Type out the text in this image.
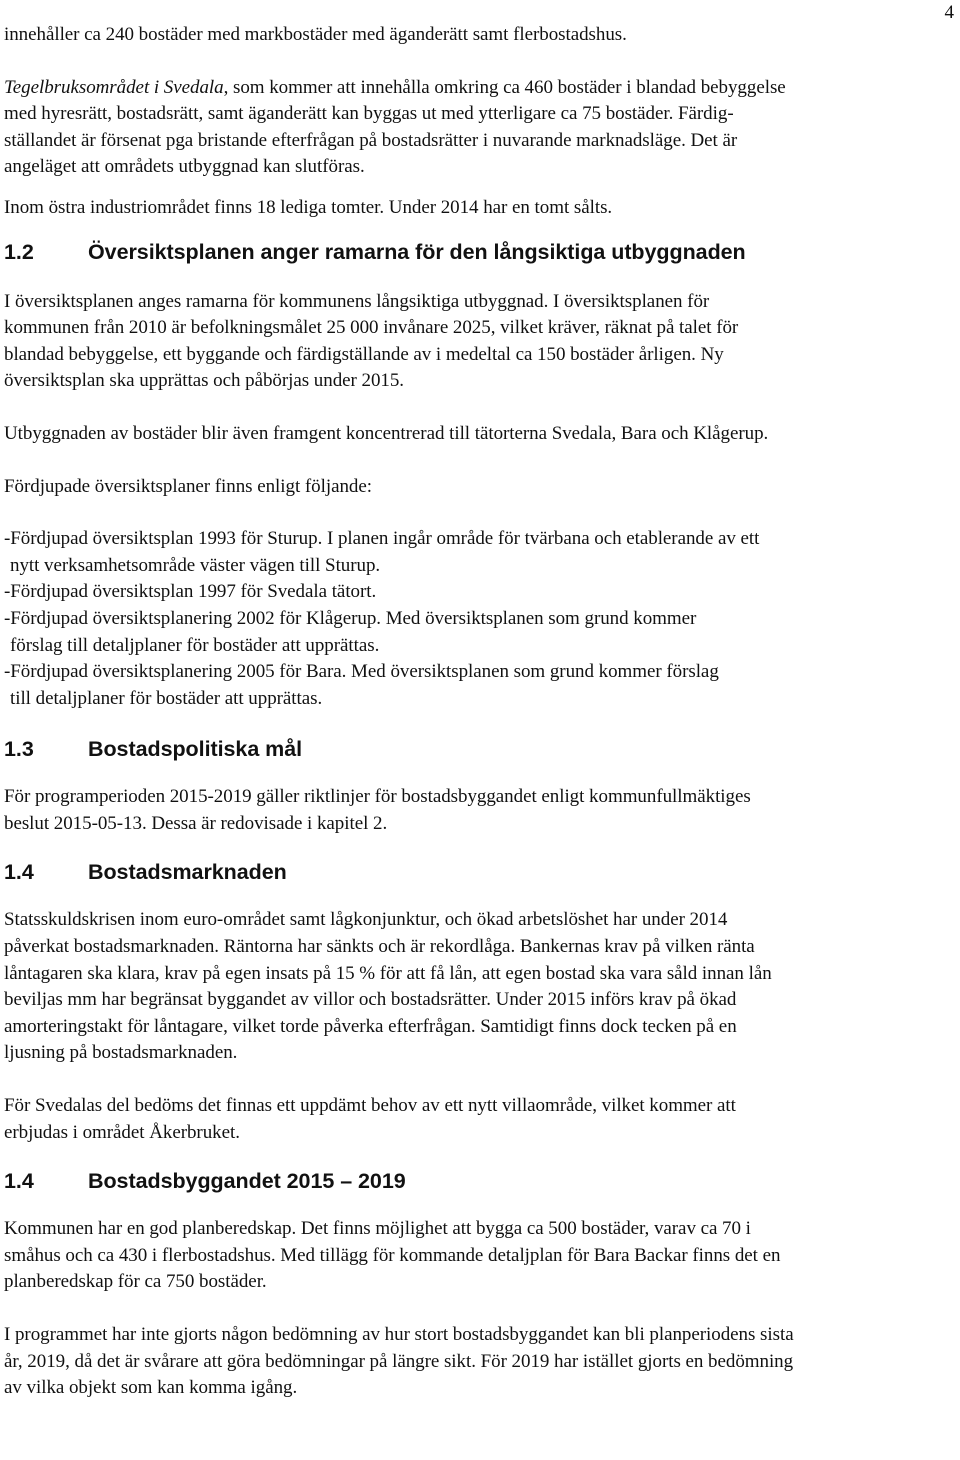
4

innehåller ca 240 bostäder med markbostäder med äganderätt samt flerbostadshus.

Tegelbruksområdet i Svedala, som kommer att innehålla omkring ca 460 bostäder i blandad bebyggelse
med hyresrätt, bostadsrätt, samt äganderätt kan byggas ut med ytterligare ca 75 bostäder. Färdig-
ställandet är försenat pga bristande efterfrågan på bostadsrätter i nuvarande marknadsläge. Det är
angeläget att områdets utbyggnad kan slutföras.

Inom östra industriområdet finns 18 lediga tomter. Under 2014 har en tomt sålts.

1.2	Översiktsplanen anger ramarna för den långsiktiga utbyggnaden

I översiktsplanen anges ramarna för kommunens långsiktiga utbyggnad. I översiktsplanen för
kommunen från 2010 är befolkningsmålet 25 000 invånare 2025, vilket kräver, räknat på talet för
blandad bebyggelse, ett byggande och färdigställande av i medeltal ca 150 bostäder årligen. Ny
översiktsplan ska upprättas och påbörjas under 2015.

Utbyggnaden av bostäder blir även framgent koncentrerad till tätorterna Svedala, Bara och Klågerup.

Fördjupade översiktsplaner finns enligt följande:

-Fördjupad översiktsplan 1993 för Sturup. I planen ingår område för tvärbana och etablerande av ett
nytt verksamhetsområde väster vägen till Sturup.
-Fördjupad översiktsplan 1997 för Svedala tätort.
-Fördjupad översiktsplanering 2002 för Klågerup. Med översiktsplanen som grund kommer
förslag till detaljplaner för bostäder att upprättas.
-Fördjupad översiktsplanering 2005 för Bara. Med översiktsplanen som grund kommer förslag
till detaljplaner för bostäder att upprättas.
1.3	Bostadspolitiska mål

För programperioden 2015-2019 gäller riktlinjer för bostadsbyggandet enligt kommunfullmäktiges
beslut 2015-05-13. Dessa är redovisade i kapitel 2.

1.4	Bostadsmarknaden

Statsskuldskrisen inom euro-området samt lågkonjunktur, och ökad arbetslöshet har under 2014
påverkat bostadsmarknaden. Räntorna har sänkts och är rekordlåga. Bankernas krav på vilken ränta
låntagaren ska klara, krav på egen insats på 15 % för att få lån, att egen bostad ska vara såld innan lån
beviljas mm har begränsat byggandet av villor och bostadsrätter. Under 2015 införs krav på ökad
amorteringstakt för låntagare, vilket torde påverka efterfrågan. Samtidigt finns dock tecken på en
ljusning på bostadsmarknaden.

För Svedalas del bedöms det finnas ett uppdämt behov av ett nytt villaområde, vilket kommer att
erbjudas i området Åkerbruket.

1.4	Bostadsbyggandet 2015 – 2019

Kommunen har en god planberedskap. Det finns möjlighet att bygga ca 500 bostäder, varav ca 70 i
småhus och ca 430 i flerbostadshus. Med tillägg för kommande detaljplan för Bara Backar finns det en
planberedskap för ca 750 bostäder.

I programmet har inte gjorts någon bedömning av hur stort bostadsbyggandet kan bli planperiodens sista
år, 2019, då det är svårare att göra bedömningar på längre sikt. För 2019 har istället gjorts en bedömning
av vilka objekt som kan komma igång.
